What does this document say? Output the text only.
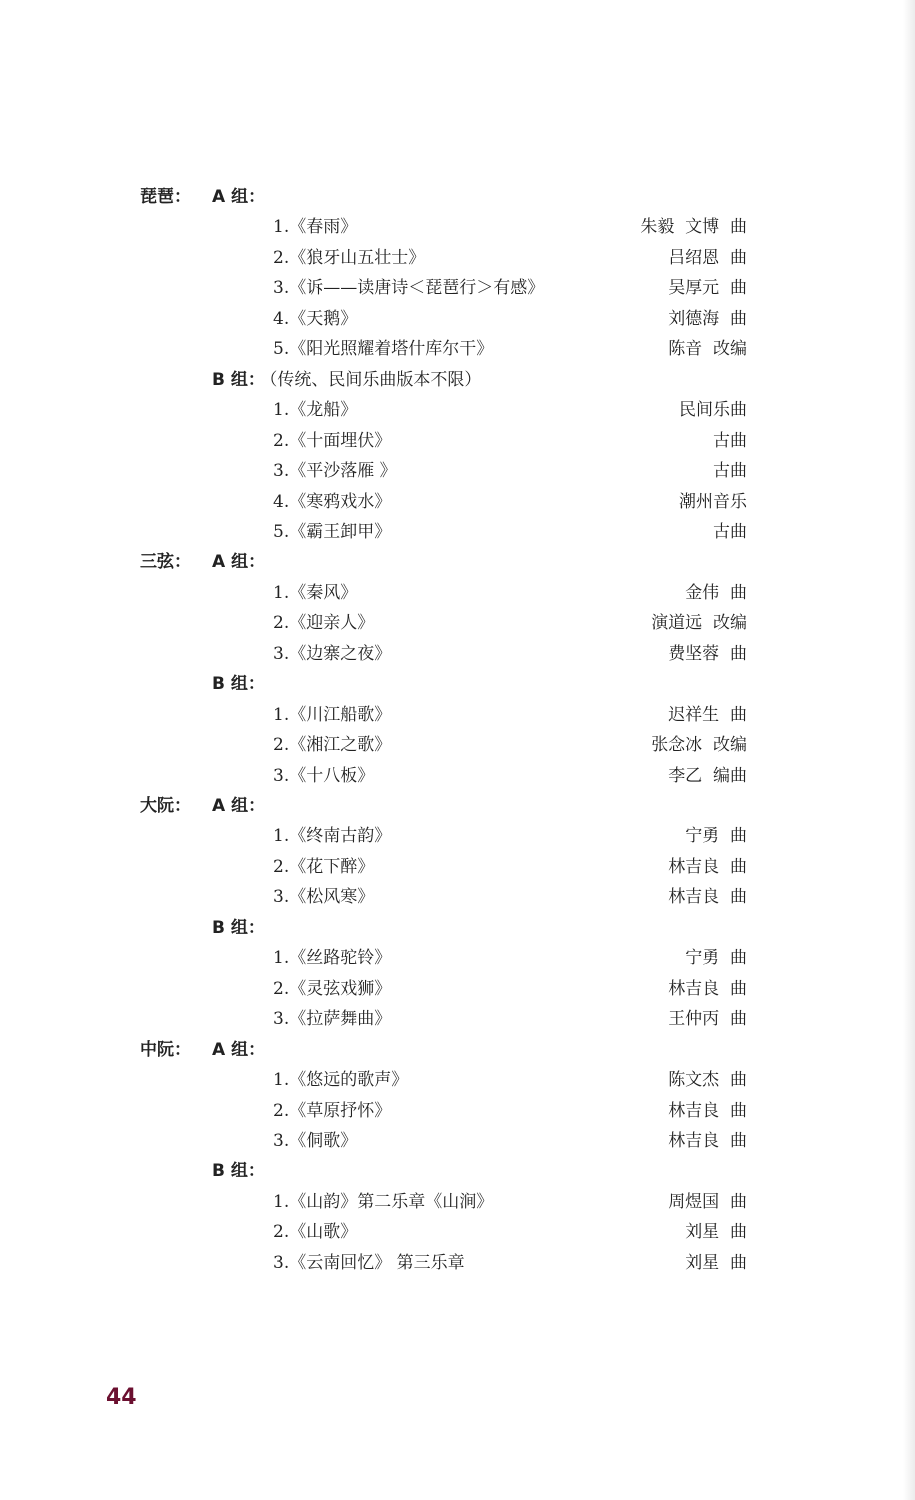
琵琶： A 组：
1.《春雨》	朱毅  文博  曲
2.《狼牙山五壮士》	吕绍恩  曲
3.《诉——读唐诗＜琵琶行＞有感》	吴厚元  曲
4.《天鹅》	刘德海  曲
5.《阳光照耀着塔什库尔干》	陈音  改编
B 组： （传统、民间乐曲版本不限）
1.《龙船》	民间乐曲
2.《十面埋伏》	古曲
3.《平沙落雁 》	古曲
4.《寒鸦戏水》	潮州音乐
5.《霸王卸甲》	古曲
三弦： A 组：
1.《秦风》	金伟  曲
2.《迎亲人》	演道远  改编
3.《边寨之夜》	费坚蓉  曲
B 组：
1.《川江船歌》	迟祥生  曲
2.《湘江之歌》	张念冰  改编
3.《十八板》	李乙  编曲
大阮： A 组：
1.《终南古韵》	宁勇  曲
2.《花下醉》	林吉良  曲
3.《松风寒》	林吉良  曲
B 组：
1.《丝路驼铃》	宁勇  曲
2.《灵弦戏狮》	林吉良  曲
3.《拉萨舞曲》	王仲丙  曲
中阮： A 组：
1.《悠远的歌声》	陈文杰  曲
2.《草原抒怀》	林吉良  曲
3.《侗歌》	林吉良  曲
B 组：
1.《山韵》第二乐章《山涧》	周煜国  曲
2.《山歌》	刘星  曲
3.《云南回忆》 第三乐章	刘星  曲
44
